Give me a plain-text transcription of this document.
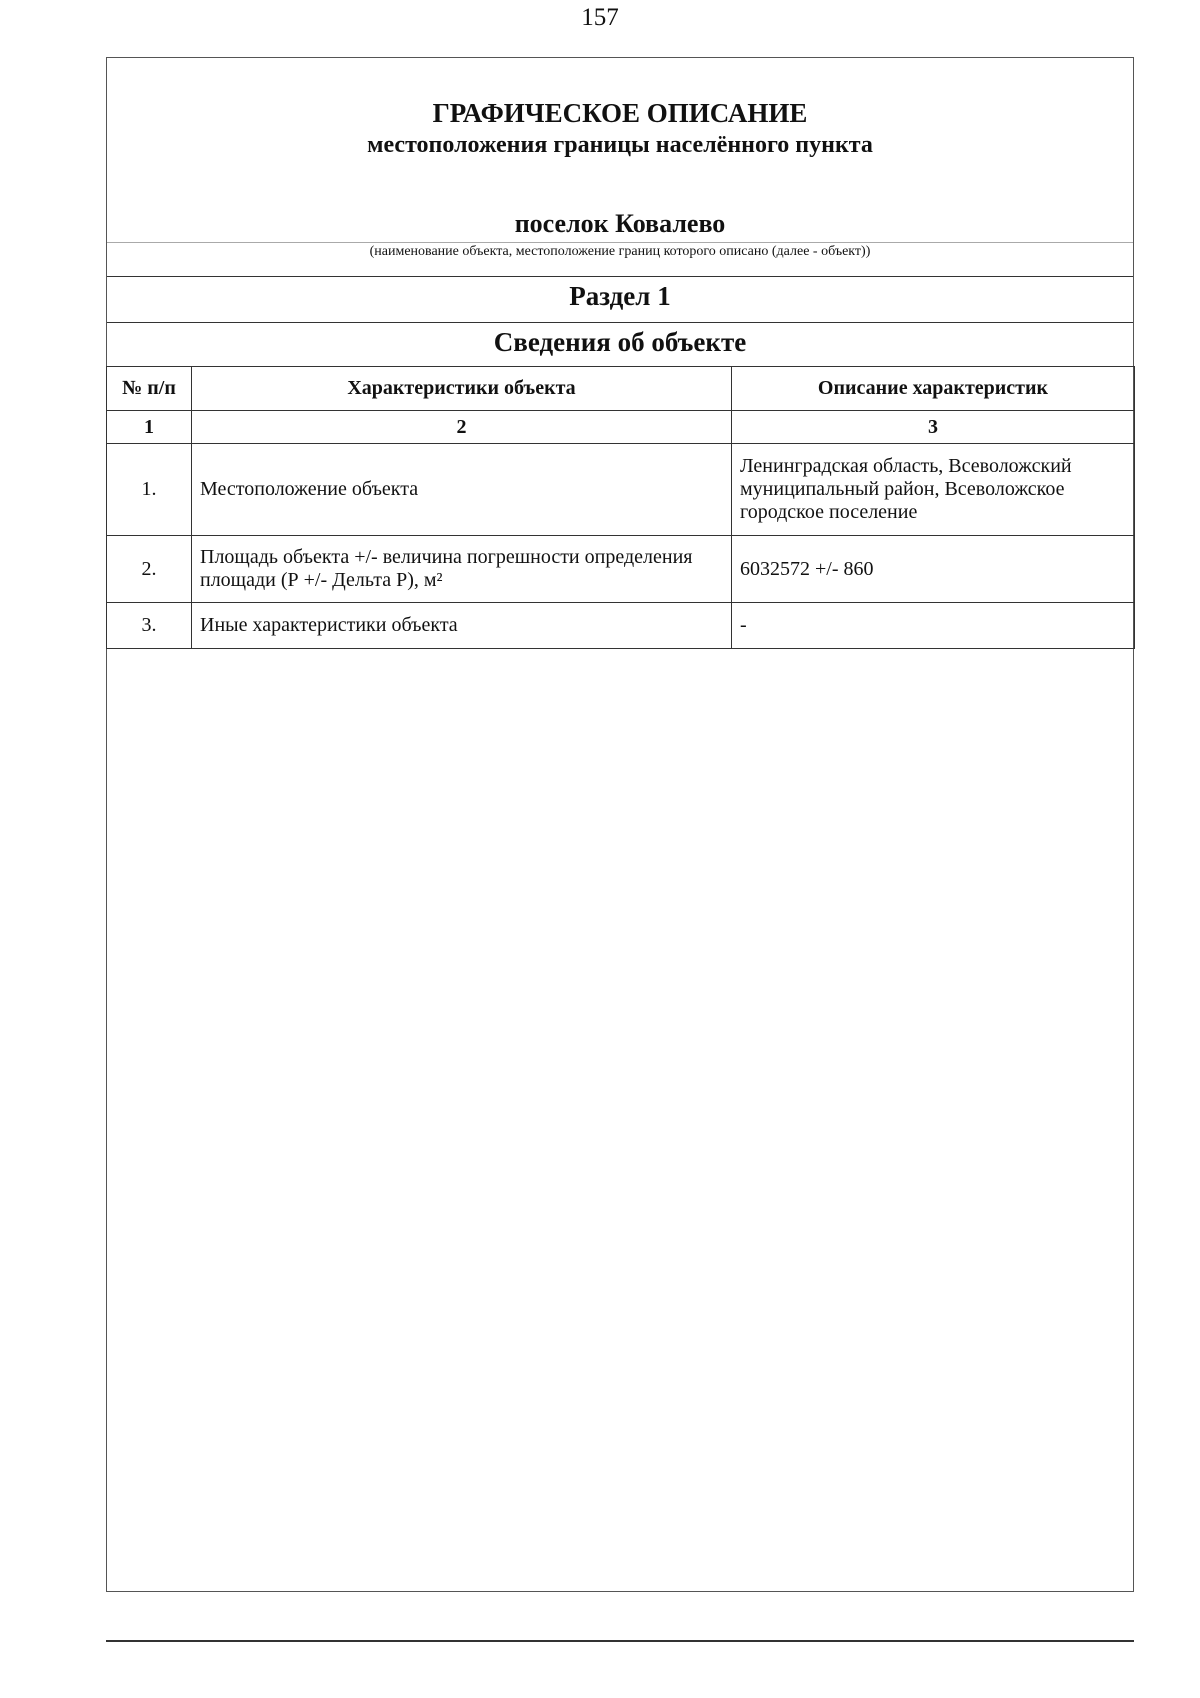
157
ГРАФИЧЕСКОЕ ОПИСАНИЕ
местоположения границы населённого пункта
поселок Ковалево
(наименование объекта, местоположение границ которого описано (далее - объект))
Раздел 1
Сведения об объекте
№ п/п	Характеристики объекта	Описание характеристик
1	2	3
1.	Местоположение объекта	Ленинградская область, Всеволожский муниципальный район, Всеволожское городское поселение
2.	Площадь объекта +/- величина погрешности определения площади (Р +/- Дельта Р), м²	6032572 +/- 860
3.	Иные характеристики объекта	-
